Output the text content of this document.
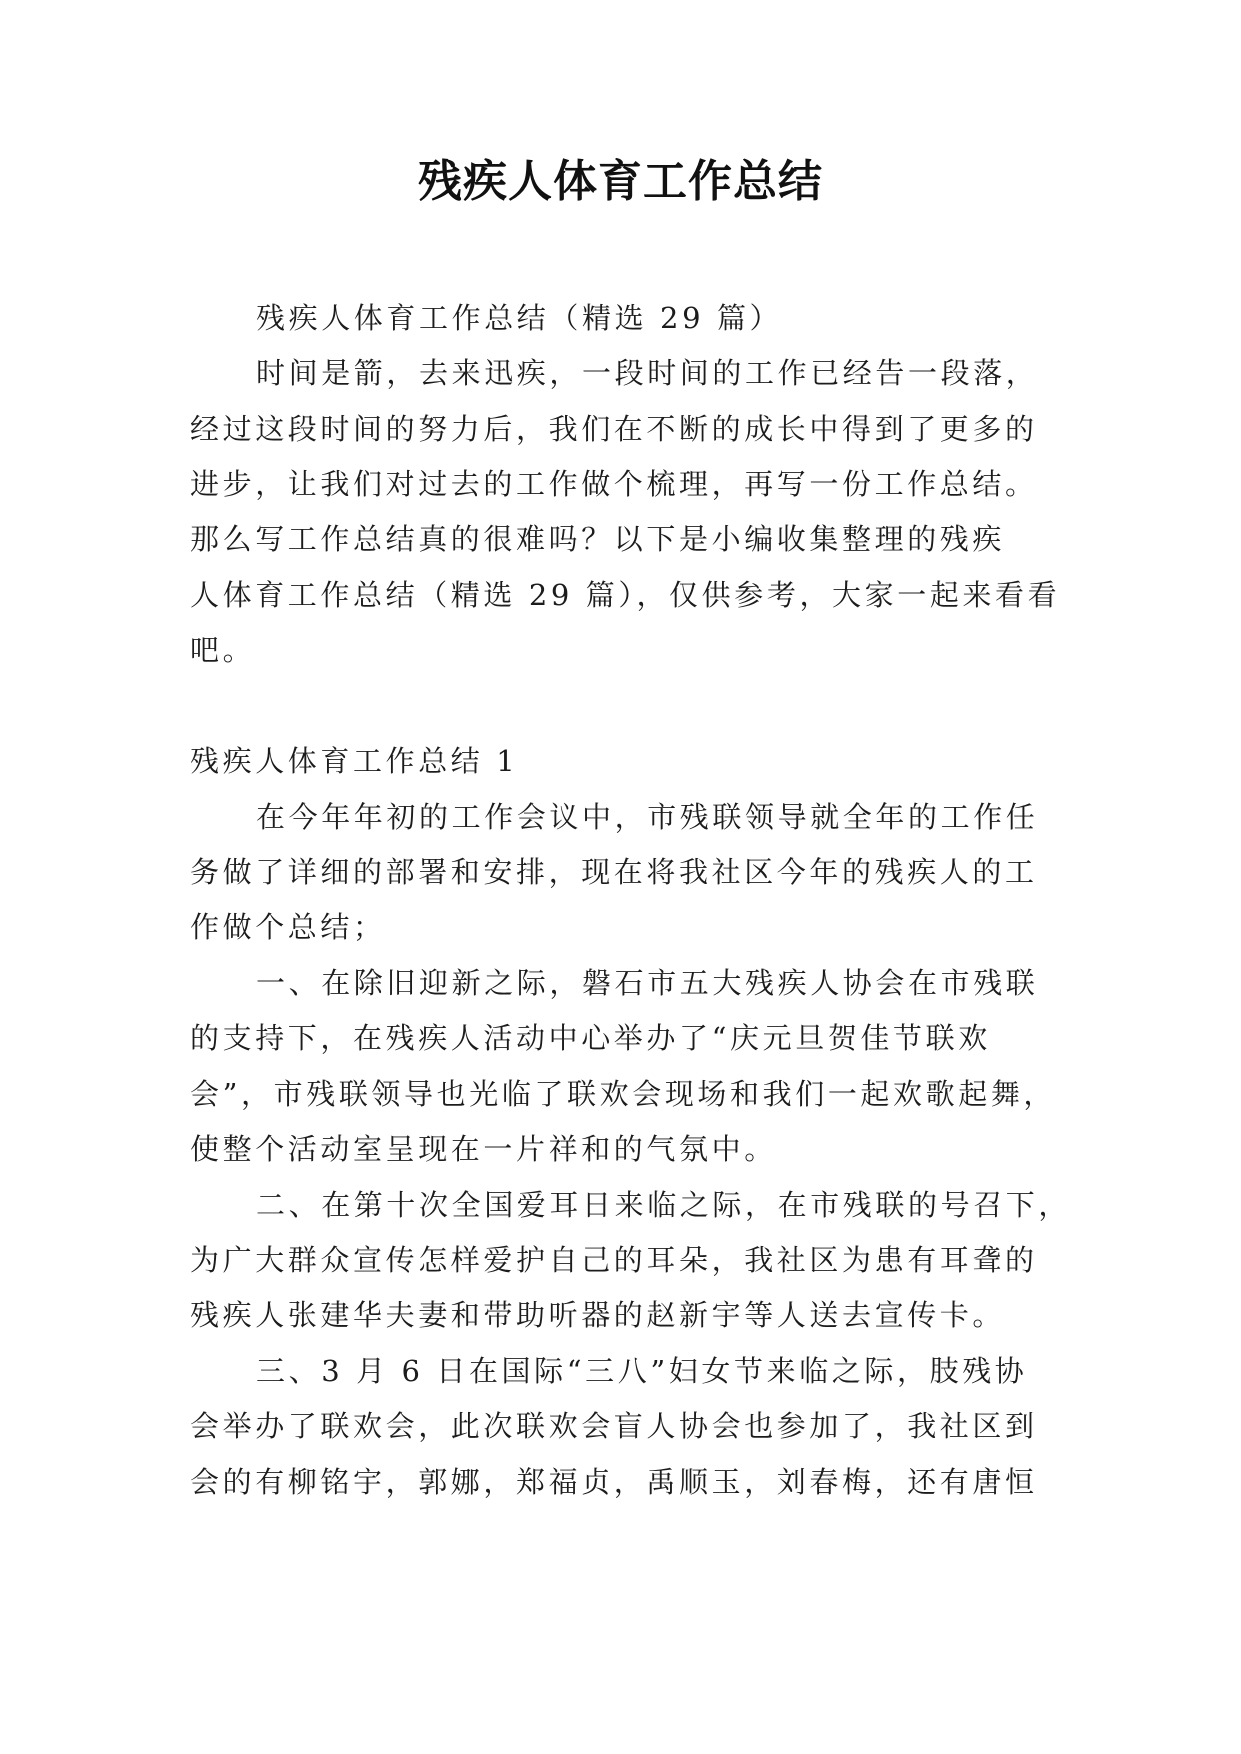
残疾人体育工作总结
残疾人体育工作总结（精选 29 篇）
时间是箭，去来迅疾，一段时间的工作已经告一段落，
经过这段时间的努力后，我们在不断的成长中得到了更多的
进步，让我们对过去的工作做个梳理，再写一份工作总结。
那么写工作总结真的很难吗？以下是小编收集整理的残疾
人体育工作总结（精选 29 篇），仅供参考，大家一起来看看
吧。
残疾人体育工作总结 1
在今年年初的工作会议中，市残联领导就全年的工作任
务做了详细的部署和安排，现在将我社区今年的残疾人的工
作做个总结；
一、在除旧迎新之际，磐石市五大残疾人协会在市残联
的支持下，在残疾人活动中心举办了“庆元旦贺佳节联欢
会”，市残联领导也光临了联欢会现场和我们一起欢歌起舞，
使整个活动室呈现在一片祥和的气氛中。
二、在第十次全国爱耳日来临之际，在市残联的号召下，
为广大群众宣传怎样爱护自己的耳朵，我社区为患有耳聋的
残疾人张建华夫妻和带助听器的赵新宇等人送去宣传卡。
三、3 月 6 日在国际“三八”妇女节来临之际，肢残协
会举办了联欢会，此次联欢会盲人协会也参加了，我社区到
会的有柳铭宇，郭娜，郑福贞，禹顺玉，刘春梅，还有唐恒
